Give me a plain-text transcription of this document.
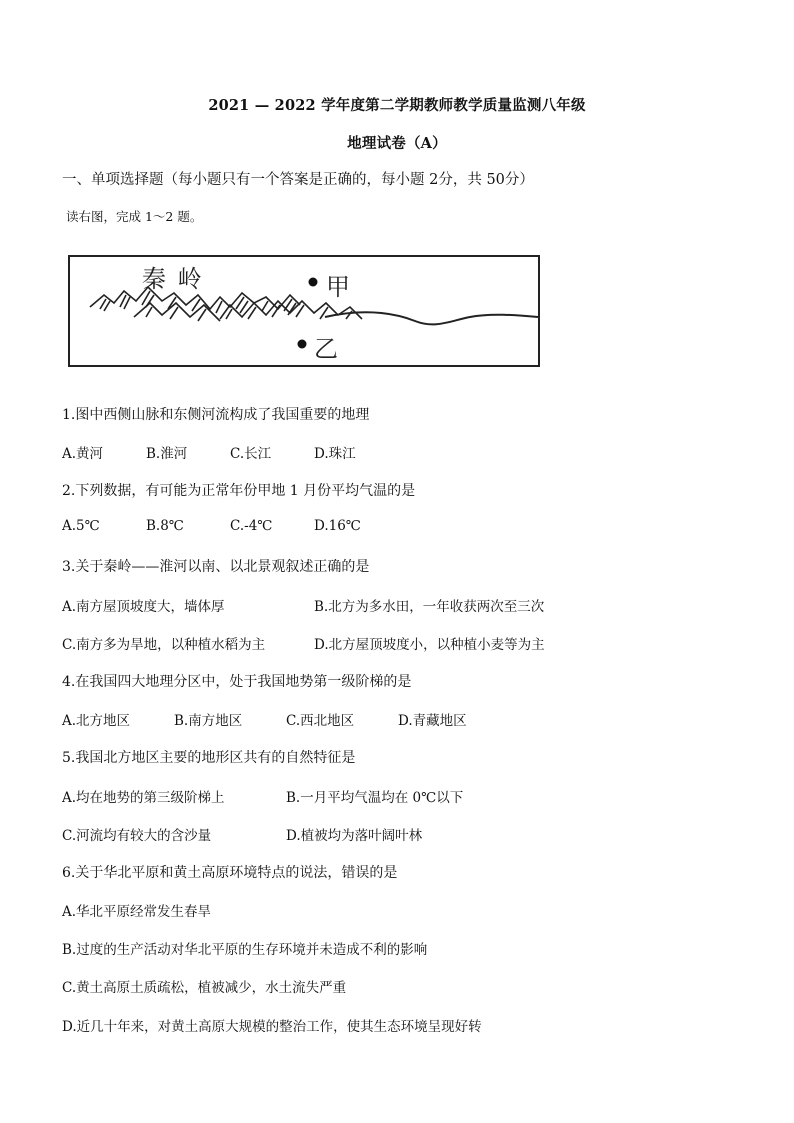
2021 — 2022 学年度第二学期教师教学质量监测八年级
地理试卷（A）
一、单项选择题（每小题只有一个答案是正确的，每小题 2分，共 50分）
读右图，完成 1～2 题。
秦 岭	甲
乙
1.图中西侧山脉和东侧河流构成了我国重要的地理
A.黄河	B.淮河	C.长江	D.珠江
2.下列数据，有可能为正常年份甲地 1 月份平均气温的是
A.5℃	B.8℃	C.-4℃	D.16℃
3.关于秦岭——淮河以南、以北景观叙述正确的是
A.南方屋顶坡度大，墙体厚	B.北方为多水田，一年收获两次至三次
C.南方多为旱地，以种植水稻为主	D.北方屋顶坡度小，以种植小麦等为主
4.在我国四大地理分区中，处于我国地势第一级阶梯的是
A.北方地区	B.南方地区	C.西北地区	D.青藏地区
5.我国北方地区主要的地形区共有的自然特征是
A.均在地势的第三级阶梯上	B.一月平均气温均在 0℃以下
C.河流均有较大的含沙量	D.植被均为落叶阔叶林
6.关于华北平原和黄土高原环境特点的说法，错误的是
A.华北平原经常发生春旱
B.过度的生产活动对华北平原的生存环境并未造成不利的影响
C.黄土高原土质疏松，植被减少，水土流失严重
D.近几十年来，对黄土高原大规模的整治工作，使其生态环境呈现好转
